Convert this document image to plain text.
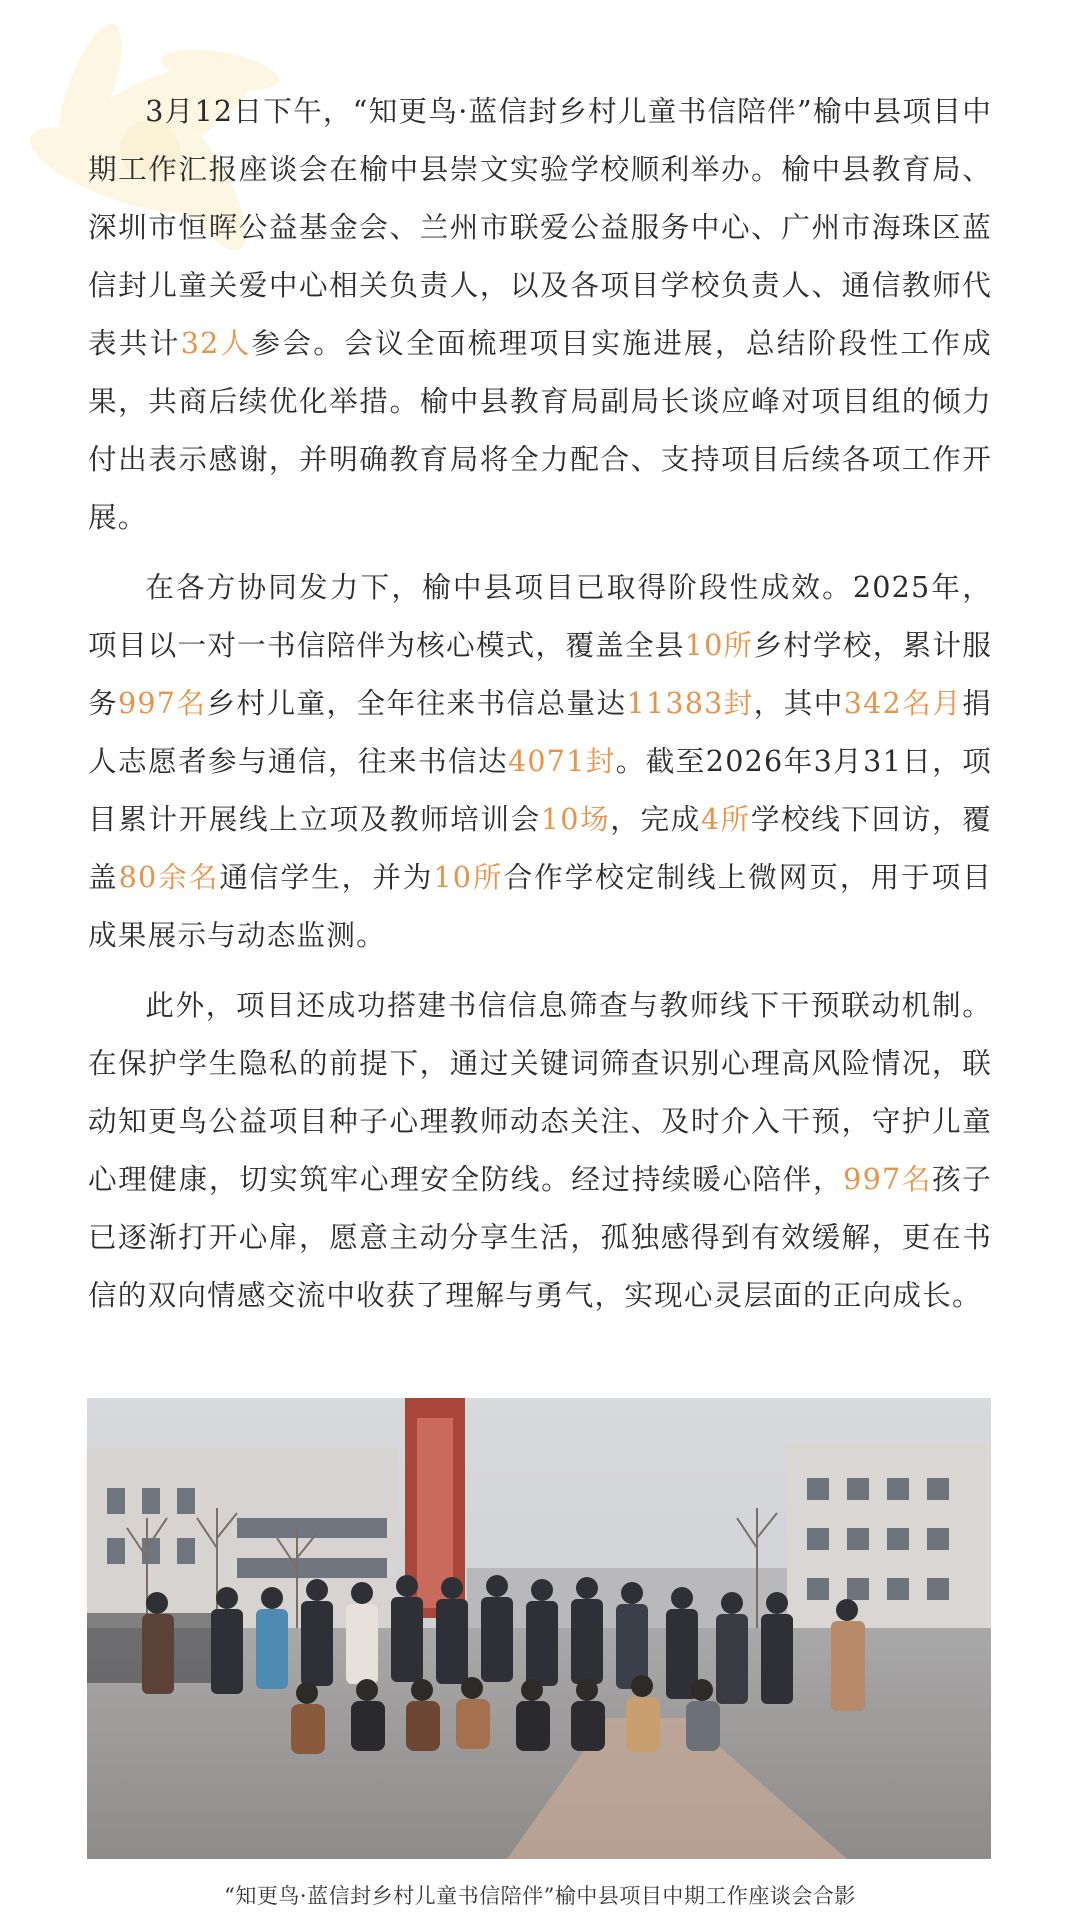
3月12日下午，“知更鸟·蓝信封乡村儿童书信陪伴”榆中县项目中期工作汇报座谈会在榆中县崇文实验学校顺利举办。榆中县教育局、深圳市恒晖公益基金会、兰州市联爱公益服务中心、广州市海珠区蓝信封儿童关爱中心相关负责人，以及各项目学校负责人、通信教师代表共计32人参会。会议全面梳理项目实施进展，总结阶段性工作成果，共商后续优化举措。榆中县教育局副局长谈应峰对项目组的倾力付出表示感谢，并明确教育局将全力配合、支持项目后续各项工作开展。

在各方协同发力下，榆中县项目已取得阶段性成效。2025年，项目以一对一书信陪伴为核心模式，覆盖全县10所乡村学校，累计服务997名乡村儿童，全年往来书信总量达11383封，其中342名月捐人志愿者参与通信，往来书信达4071封。截至2026年3月31日，项目累计开展线上立项及教师培训会10场，完成4所学校线下回访，覆盖80余名通信学生，并为10所合作学校定制线上微网页，用于项目成果展示与动态监测。

此外，项目还成功搭建书信信息筛查与教师线下干预联动机制。在保护学生隐私的前提下，通过关键词筛查识别心理高风险情况，联动知更鸟公益项目种子心理教师动态关注、及时介入干预，守护儿童心理健康，切实筑牢心理安全防线。经过持续暖心陪伴，997名孩子已逐渐打开心扉，愿意主动分享生活，孤独感得到有效缓解，更在书信的双向情感交流中收获了理解与勇气，实现心灵层面的正向成长。

“知更鸟·蓝信封乡村儿童书信陪伴”榆中县项目中期工作座谈会合影
